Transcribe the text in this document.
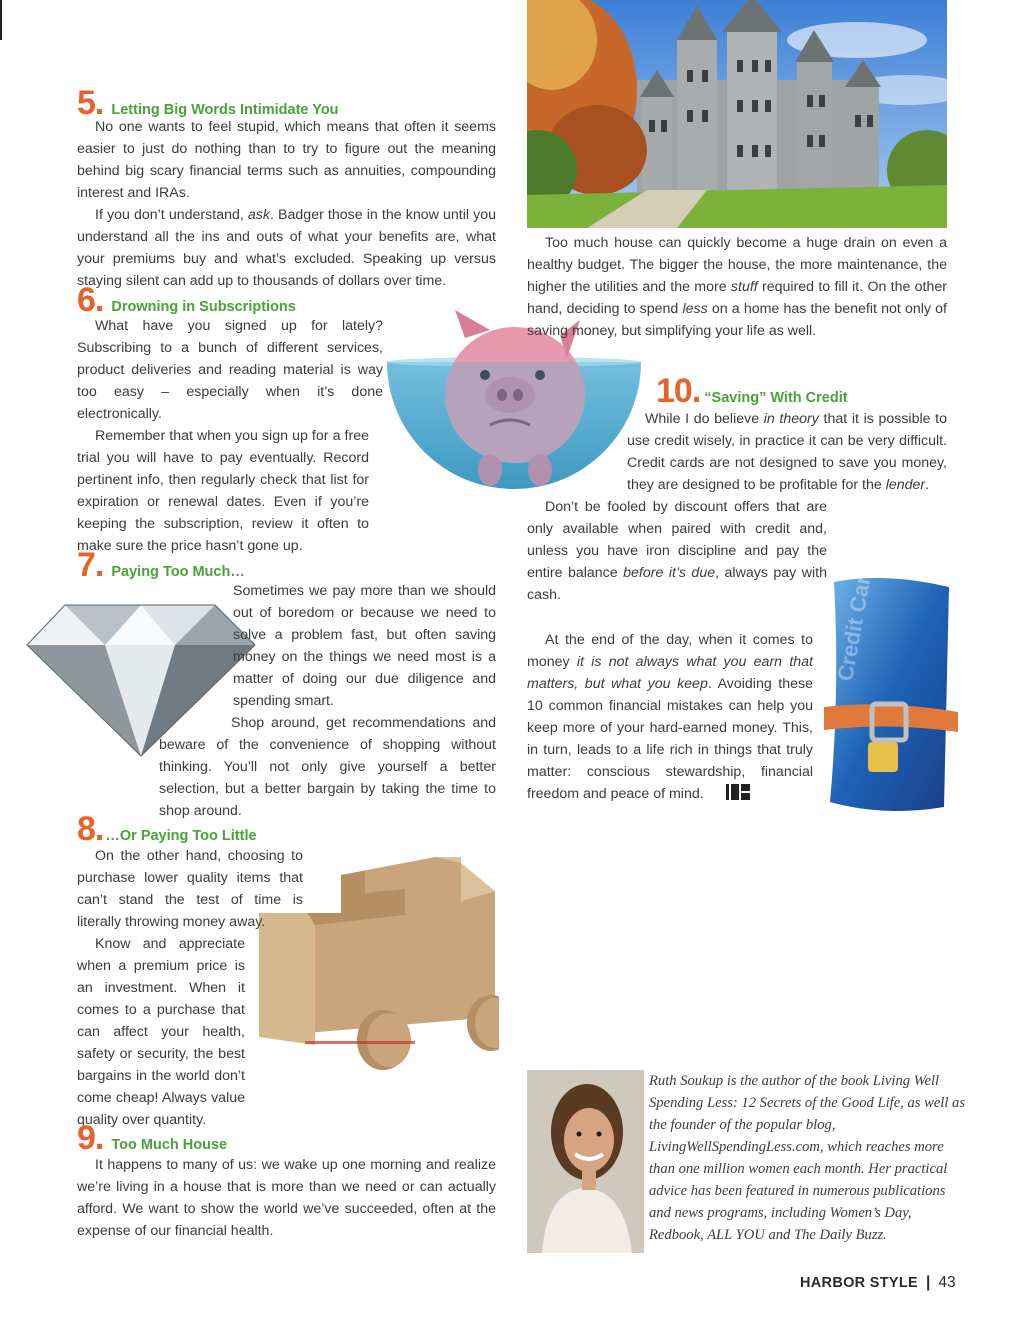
5. Letting Big Words Intimidate You

No one wants to feel stupid, which means that often it seems easier to just do nothing than to try to figure out the meaning behind big scary financial terms such as annuities, compounding interest and IRAs.

If you don’t understand, ask. Badger those in the know until you understand all the ins and outs of what your benefits are, what your premiums buy and what’s excluded. Speaking up versus staying silent can add up to thousands of dollars over time.

6. Drowning in Subscriptions

What have you signed up for lately? Subscribing to a bunch of different services, product deliveries and reading material is way too easy – especially when it’s done electronically.

Remember that when you sign up for a free trial you will have to pay eventually. Record pertinent info, then regularly check that list for expiration or renewal dates. Even if you’re keeping the subscription, review it often to make sure the price hasn’t gone up.

7. Paying Too Much…

Sometimes we pay more than we should out of boredom or because we need to solve a problem fast, but often saving money on the things we need most is a matter of doing our due diligence and spending smart.

Shop around, get recommendations and beware of the convenience of shopping without thinking. You’ll not only give yourself a better selection, but a better bargain by taking the time to shop around.

8. …Or Paying Too Little

On the other hand, choosing to purchase lower quality items that can’t stand the test of time is literally throwing money away.

Know and appreciate when a premium price is an investment. When it comes to a purchase that can affect your health, safety or security, the best bargains in the world don’t come cheap! Always value quality over quantity.

9. Too Much House

It happens to many of us: we wake up one morning and realize we’re living in a house that is more than we need or can actually afford. We want to show the world we’ve succeeded, often at the expense of our financial health.

Too much house can quickly become a huge drain on even a healthy budget. The bigger the house, the more maintenance, the higher the utilities and the more stuff required to fill it. On the other hand, deciding to spend less on a home has the benefit not only of saving money, but simplifying your life as well.

10. “Saving” With Credit

While I do believe in theory that it is possible to use credit wisely, in practice it can be very difficult. Credit cards are not designed to save you money, they are designed to be profitable for the lender.

Don’t be fooled by discount offers that are only available when paired with credit and, unless you have iron discipline and pay the entire balance before it’s due, always pay with cash.	Credit Card

At the end of the day, when it comes to money it is not always what you earn that matters, but what you keep. Avoiding these 10 common financial mistakes can help you keep more of your hard-earned money. This, in turn, leads to a life rich in things that truly matter: conscious stewardship, financial freedom and peace of mind.

Ruth Soukup is the author of the book Living Well Spending Less: 12 Secrets of the Good Life, as well as the founder of the popular blog, LivingWellSpendingLess.com, which reaches more than one million women each month. Her practical advice has been featured in numerous publications and news programs, including Women’s Day, Redbook, ALL YOU and The Daily Buzz.
HARBOR STYLE | 43
